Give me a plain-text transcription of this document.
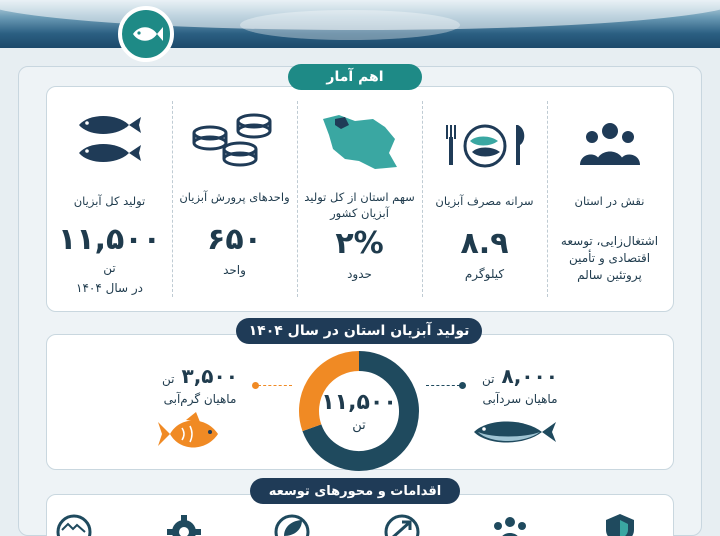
تولید کل آبزیان
۱۱,۵۰۰
تن
در سال ۱۴۰۴
واحدهای پرورش آبزیان
۶۵۰
واحد
سهم استان از کل تولید آبزیان کشور
۲%
حدود
سرانه مصرف آبزیان
۸.۹
کیلوگرم
نقش در استان
اشتغال‌زایی، توسعه اقتصادی و تأمین پروتئین سالم
اهم آمار
تولید آبزیان استان در سال ۱۴۰۴
۱۱,۵۰۰
تن
۳,۵۰۰ تن
ماهیان گرم‌آبی
۸,۰۰۰ تن
ماهیان سردآبی
اقدامات و محورهای توسعه
